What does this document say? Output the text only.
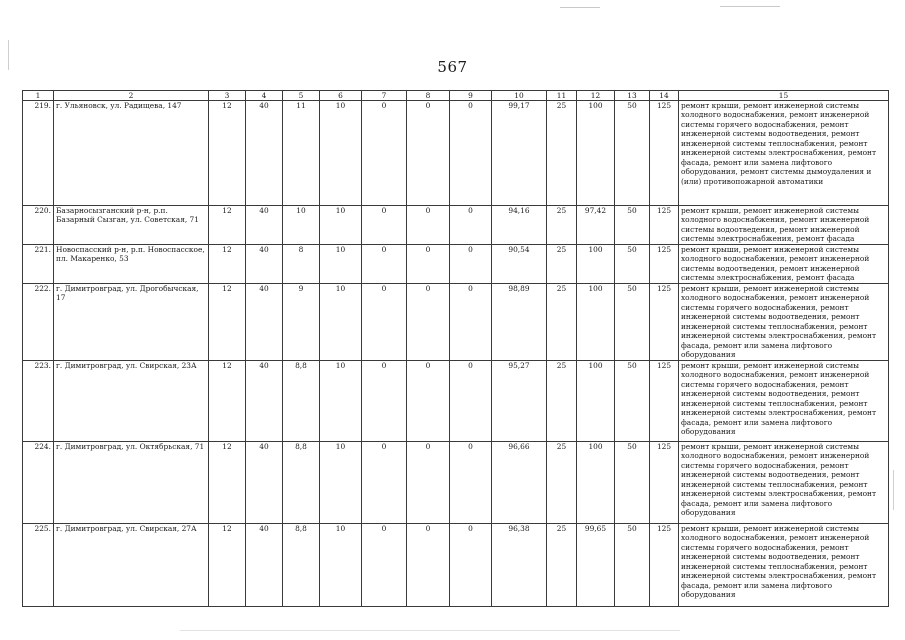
567
1	2	3	4	5	6	7	8	9	10	11	12	13	14	15
219.	г. Ульяновск, ул. Радищева, 147	12	40	11	10	0	0	0	99,17	25	100	50	125	ремонт крыши, ремонт инженерной системы холодного водоснабжения, ремонт инженерной системы горячего водоснабжения, ремонт инженерной системы водоотведения, ремонт инженерной системы теплоснабжения, ремонт инженерной системы электроснабжения, ремонт фасада, ремонт или замена лифтового оборудования, ремонт системы дымоудаления и (или) противопожарной автоматики
220.	Базарносызганский р-н, р.п. Базарный Сызган, ул. Советская, 71	12	40	10	10	0	0	0	94,16	25	97,42	50	125	ремонт крыши, ремонт инженерной системы холодного водоснабжения, ремонт инженерной системы водоотведения, ремонт инженерной системы электроснабжения, ремонт фасада
221.	Новоспасский р-н, р.п. Новоспасское, пл. Макаренко, 53	12	40	8	10	0	0	0	90,54	25	100	50	125	ремонт крыши, ремонт инженерной системы холодного водоснабжения, ремонт инженерной системы водоотведения, ремонт инженерной системы электроснабжения, ремонт фасада
222.	г. Димитровград, ул. Дрогобычская, 17	12	40	9	10	0	0	0	98,89	25	100	50	125	ремонт крыши, ремонт инженерной системы холодного водоснабжения, ремонт инженерной системы горячего водоснабжения, ремонт инженерной системы водоотведения, ремонт инженерной системы теплоснабжения, ремонт инженерной системы электроснабжения, ремонт фасада, ремонт или замена лифтового оборудования
223.	г. Димитровград, ул. Свирская, 23А	12	40	8,8	10	0	0	0	95,27	25	100	50	125	ремонт крыши, ремонт инженерной системы холодного водоснабжения, ремонт инженерной системы горячего водоснабжения, ремонт инженерной системы водоотведения, ремонт инженерной системы теплоснабжения, ремонт инженерной системы электроснабжения, ремонт фасада, ремонт или замена лифтового оборудования
224.	г. Димитровград, ул. Октябрьская, 71	12	40	8,8	10	0	0	0	96,66	25	100	50	125	ремонт крыши, ремонт инженерной системы холодного водоснабжения, ремонт инженерной системы горячего водоснабжения, ремонт инженерной системы водоотведения, ремонт инженерной системы теплоснабжения, ремонт инженерной системы электроснабжения, ремонт фасада, ремонт или замена лифтового оборудования
225.	г. Димитровград, ул. Свирская, 27А	12	40	8,8	10	0	0	0	96,38	25	99,65	50	125	ремонт крыши, ремонт инженерной системы холодного водоснабжения, ремонт инженерной системы горячего водоснабжения, ремонт инженерной системы водоотведения, ремонт инженерной системы теплоснабжения, ремонт инженерной системы электроснабжения, ремонт фасада, ремонт или замена лифтового оборудования
